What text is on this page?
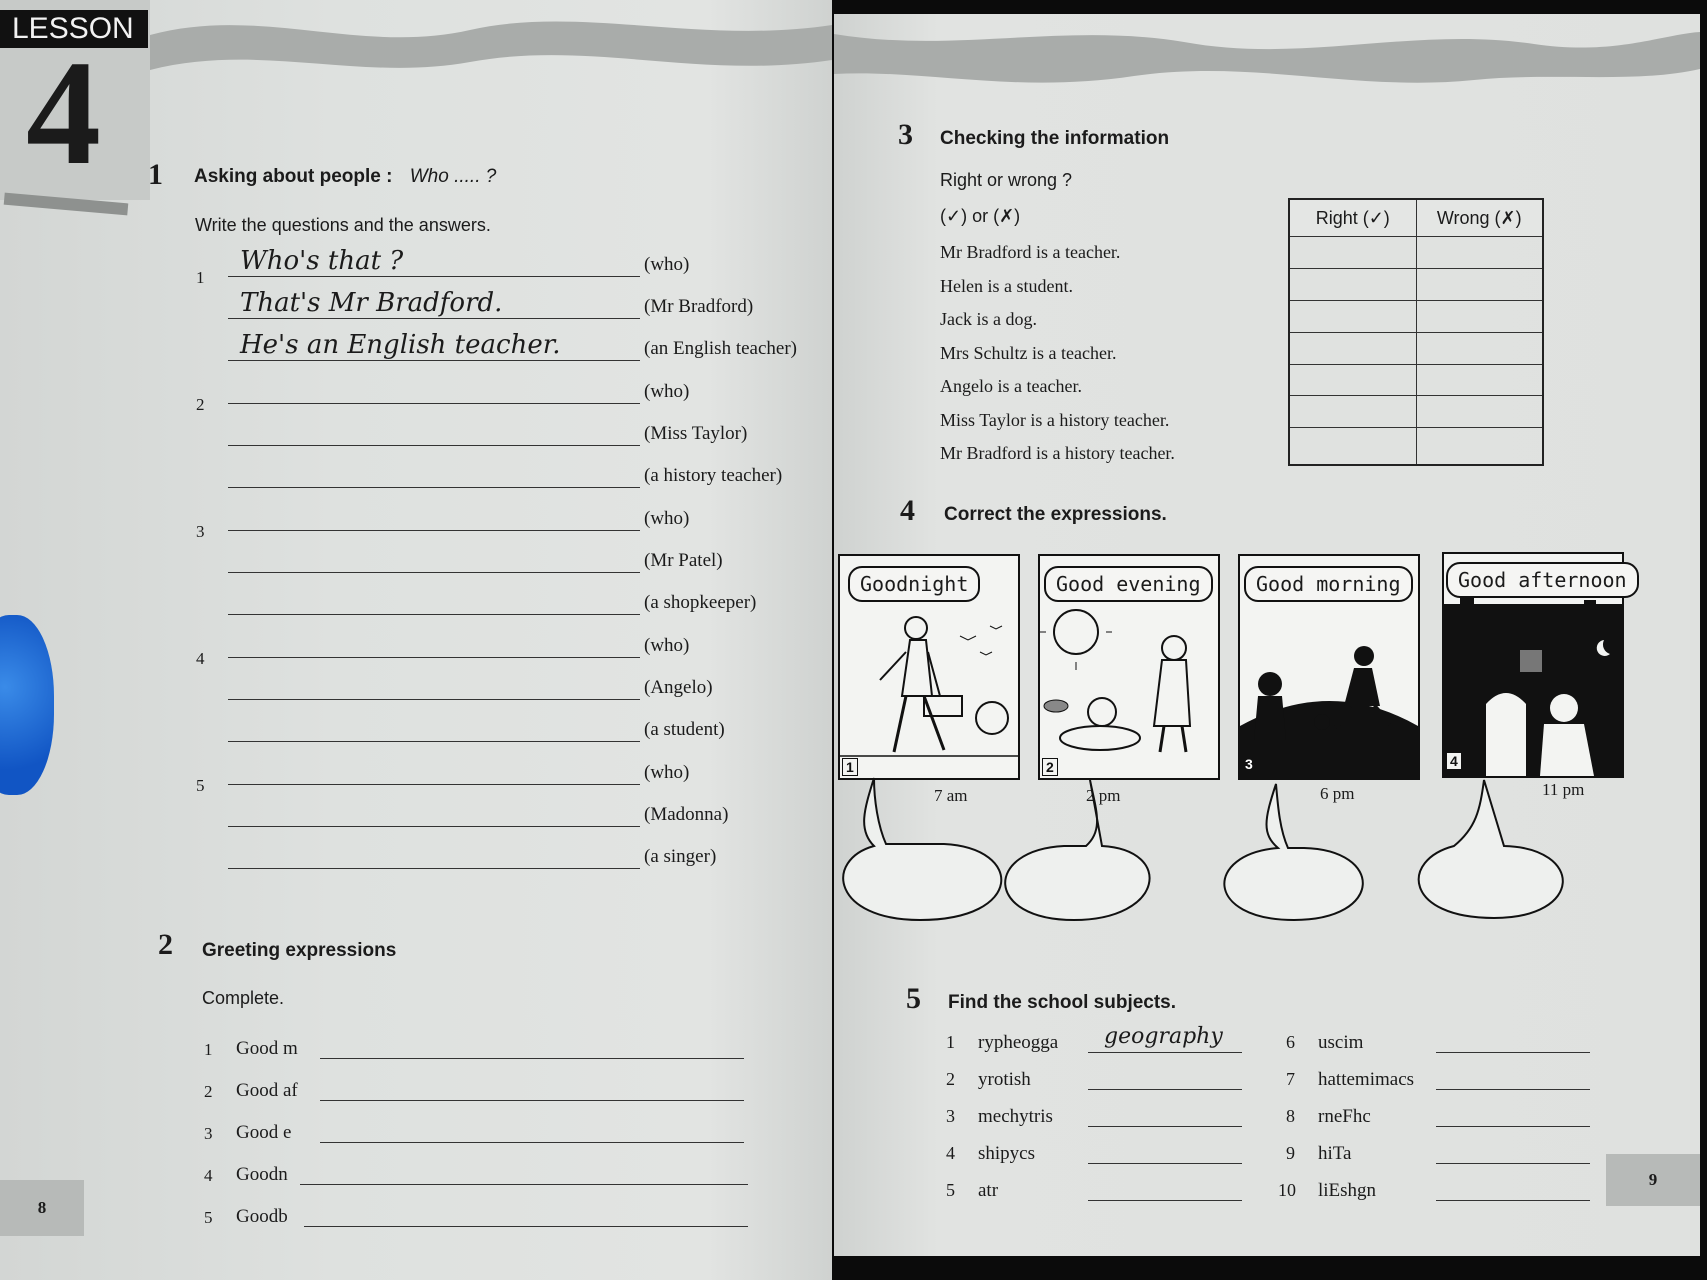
LESSON
4 1 Asking about people : Who ..... ?
Write the questions and the answers.
1
Who's that ?	(who)
That's Mr Bradford.	(Mr Bradford)
He's an English teacher.	(an English teacher)
2
(who)
(Miss Taylor)
(a history teacher)
3
(who)
(Mr Patel)
(a shopkeeper)
4
(who)
(Angelo)
(a student)
5
(who)
(Madonna)
(a singer)
2 Greeting expressions
Complete.
1 Good m
2 Good af
3 Good e
4 Goodn
5 Goodb
8
3 Checking the information
Right or wrong ?
(✓) or (✗)
Mr Bradford is a teacher.
Helen is a student.
Jack is a dog.
Mrs Schultz is a teacher.
Angelo is a teacher.
Miss Taylor is a history teacher.
Mr Bradford is a history teacher.
Right (✓)	Wrong (✗)

4 Correct the expressions.
1
Goodnight
2
Good evening
3
Good morning
4
Good afternoon
7 am	2 pm	6 pm	11 pm
5 Find the school subjects.
1 rypheogga geography
2 yrotish
3 mechytris
4 shipycs
5 atr
6 uscim
7 hattemimacs
8 rneFhc
9 hiTa
10 liEshgn
9
